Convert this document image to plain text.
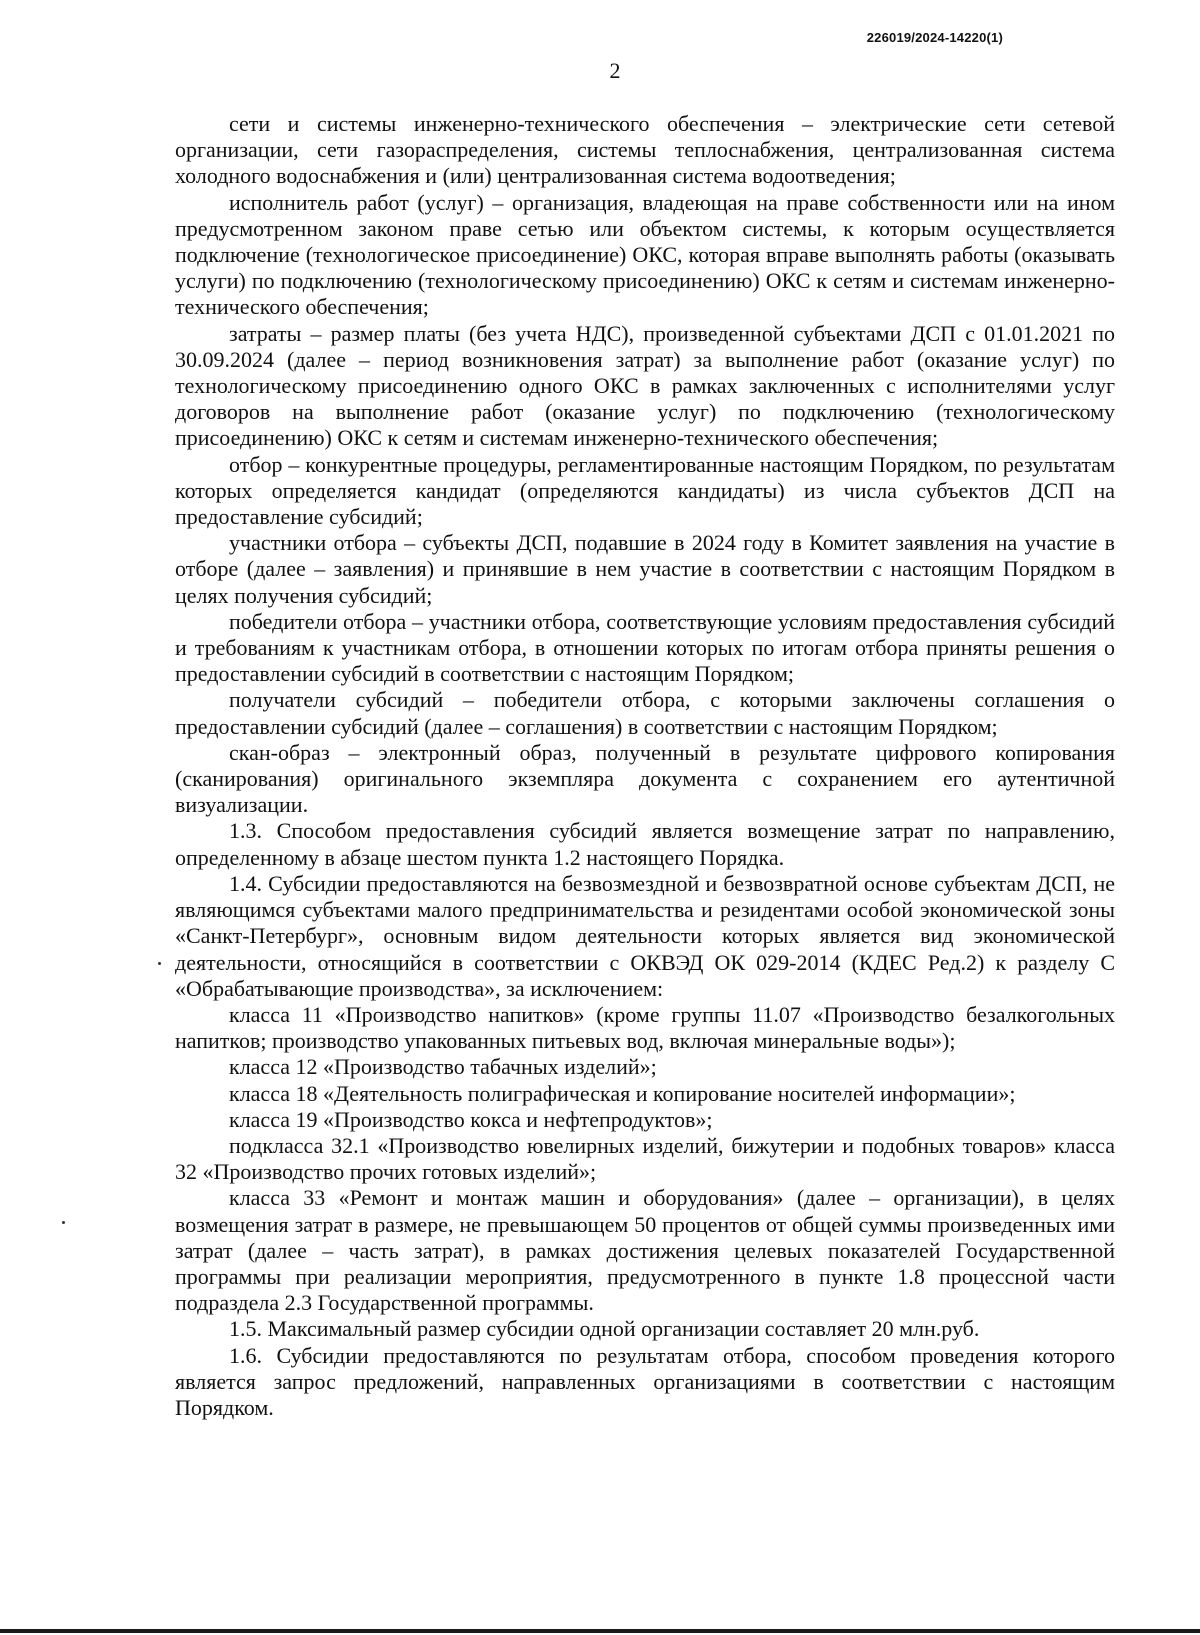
226019/2024-14220(1)
2

сети и системы инженерно-технического обеспечения – электрические сети сетевой организации, сети газораспределения, системы теплоснабжения, централизованная система холодного водоснабжения и (или) централизованная система водоотведения;

исполнитель работ (услуг) – организация, владеющая на праве собственности или на ином предусмотренном законом праве сетью или объектом системы, к которым осуществляется подключение (технологическое присоединение) ОКС, которая вправе выполнять работы (оказывать услуги) по подключению (технологическому присоединению) ОКС к сетям и системам инженерно-технического обеспечения;

затраты – размер платы (без учета НДС), произведенной субъектами ДСП с 01.01.2021 по 30.09.2024 (далее – период возникновения затрат) за выполнение работ (оказание услуг) по технологическому присоединению одного ОКС в рамках заключенных с исполнителями услуг договоров на выполнение работ (оказание услуг) по подключению (технологическому присоединению) ОКС к сетям и системам инженерно-технического обеспечения;

отбор – конкурентные процедуры, регламентированные настоящим Порядком, по результатам которых определяется кандидат (определяются кандидаты) из числа субъектов ДСП на предоставление субсидий;

участники отбора – субъекты ДСП, подавшие в 2024 году в Комитет заявления на участие в отборе (далее – заявления) и принявшие в нем участие в соответствии с настоящим Порядком в целях получения субсидий;

победители отбора – участники отбора, соответствующие условиям предоставления субсидий и требованиям к участникам отбора, в отношении которых по итогам отбора приняты решения о предоставлении субсидий в соответствии с настоящим Порядком;

получатели субсидий – победители отбора, с которыми заключены соглашения о предоставлении субсидий (далее – соглашения) в соответствии с настоящим Порядком;

скан-образ – электронный образ, полученный в результате цифрового копирования (сканирования) оригинального экземпляра документа с сохранением его аутентичной визуализации.

1.3. Способом предоставления субсидий является возмещение затрат по направлению, определенному в абзаце шестом пункта 1.2 настоящего Порядка.

1.4. Субсидии предоставляются на безвозмездной и безвозвратной основе субъектам ДСП, не являющимся субъектами малого предпринимательства и резидентами особой экономической зоны «Санкт-Петербург», основным видом деятельности которых является вид экономической деятельности, относящийся в соответствии с ОКВЭД ОК 029-2014 (КДЕС Ред.2) к разделу С «Обрабатывающие производства», за исключением:

класса 11 «Производство напитков» (кроме группы 11.07 «Производство безалкогольных напитков; производство упакованных питьевых вод, включая минеральные воды»);

класса 12 «Производство табачных изделий»;

класса 18 «Деятельность полиграфическая и копирование носителей информации»;

класса 19 «Производство кокса и нефтепродуктов»;

подкласса 32.1 «Производство ювелирных изделий, бижутерии и подобных товаров» класса 32 «Производство прочих готовых изделий»;

класса 33 «Ремонт и монтаж машин и оборудования» (далее – организации), в целях возмещения затрат в размере, не превышающем 50 процентов от общей суммы произведенных ими затрат (далее – часть затрат), в рамках достижения целевых показателей Государственной программы при реализации мероприятия, предусмотренного в пункте 1.8 процессной части подраздела 2.3 Государственной программы.

1.5. Максимальный размер субсидии одной организации составляет 20 млн.руб.

1.6. Субсидии предоставляются по результатам отбора, способом проведения которого является запрос предложений, направленных организациями в соответствии с настоящим Порядком.
